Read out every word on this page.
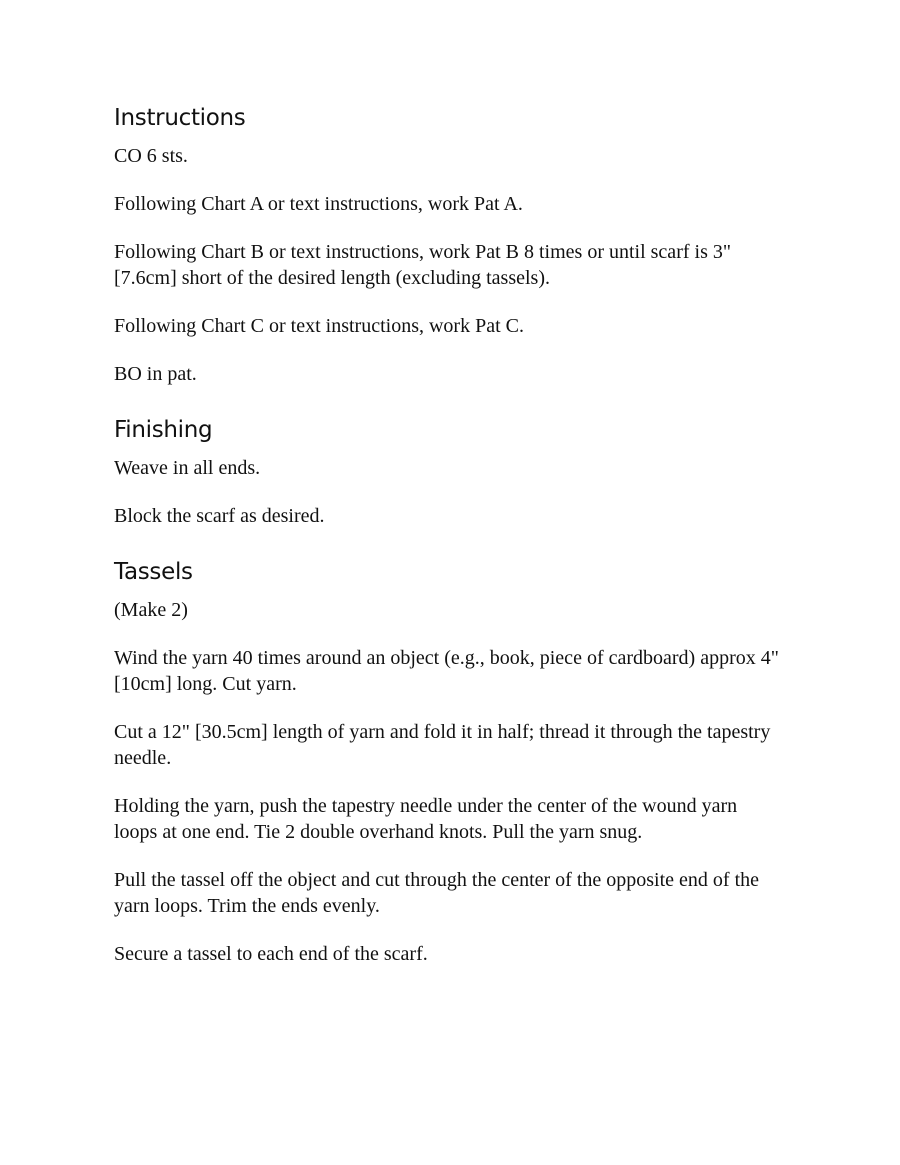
Instructions

CO 6 sts.

Following Chart A or text instructions, work Pat A.

Following Chart B or text instructions, work Pat B 8 times or until scarf is 3" [7.6cm] short of the desired length (excluding tassels).

Following Chart C or text instructions, work Pat C.

BO in pat.

Finishing

Weave in all ends.

Block the scarf as desired.

Tassels

(Make 2)

Wind the yarn 40 times around an object (e.g., book, piece of cardboard) approx 4" [10cm] long. Cut yarn.

Cut a 12" [30.5cm] length of yarn and fold it in half; thread it through the tapestry needle.

Holding the yarn, push the tapestry needle under the center of the wound yarn loops at one end. Tie 2 double overhand knots. Pull the yarn snug.

Pull the tassel off the object and cut through the center of the opposite end of the yarn loops. Trim the ends evenly.

Secure a tassel to each end of the scarf.
